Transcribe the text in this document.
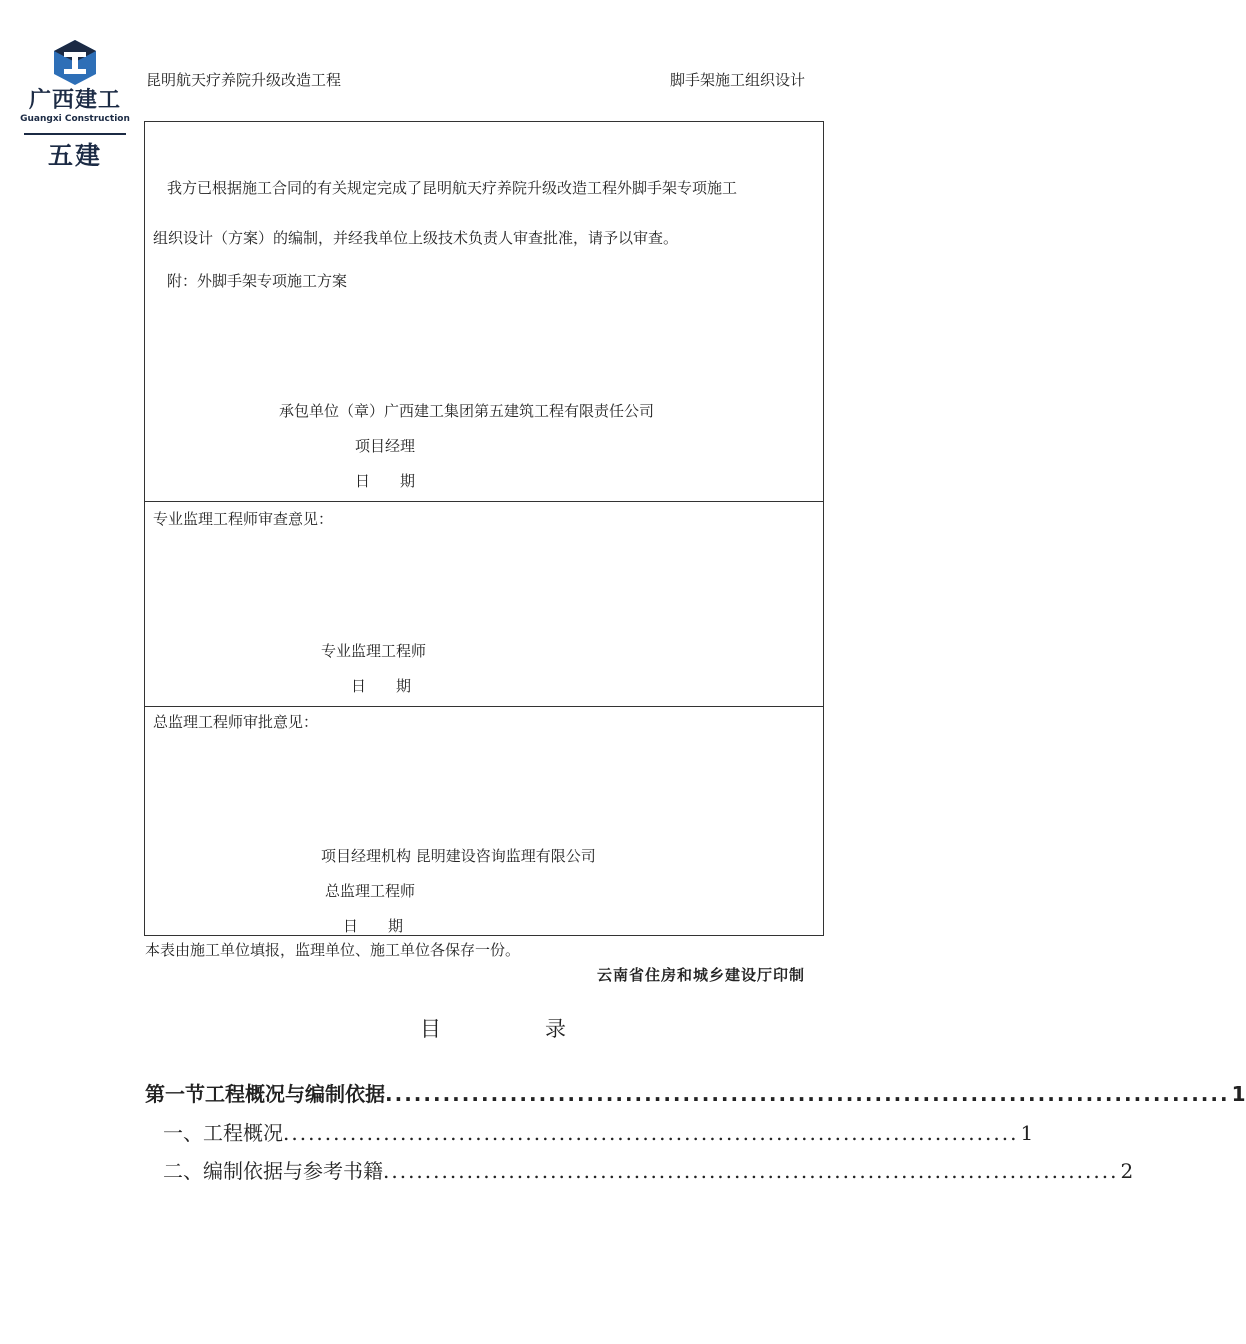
广西建工
Guangxi Construction
五建
昆明航天疗养院升级改造工程	脚手架施工组织设计
我方已根据施工合同的有关规定完成了昆明航天疗养院升级改造工程外脚手架专项施工
组织设计（方案）的编制，并经我单位上级技术负责人审查批准，请予以审查。
附：外脚手架专项施工方案
承包单位（章）广西建工集团第五建筑工程有限责任公司
项目经理
日　　期
专业监理工程师审查意见：
专业监理工程师
日　　期
总监理工程师审批意见：
项目经理机构 昆明建设咨询监理有限公司
总监理工程师
日　　期
本表由施工单位填报，监理单位、施工单位各保存一份。
云南省住房和城乡建设厅印制
目	录
第一节 工程概况与编制依据 ........................................................................................ 1
一、工程概况 ........................................................................................ 1
二、编制依据与参考书籍 ........................................................................................ 2
